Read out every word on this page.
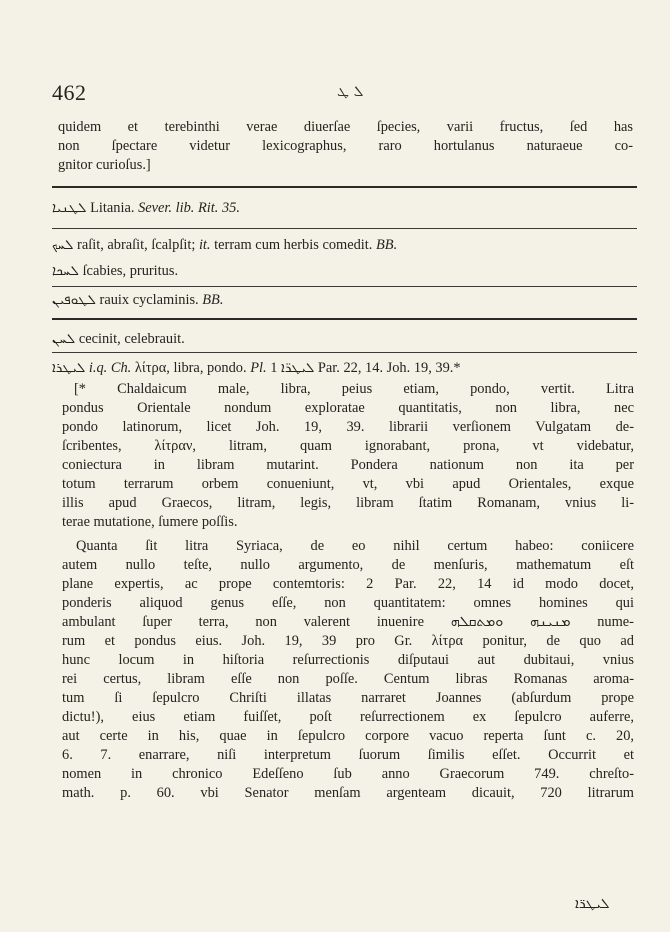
462	ܠ ܛ
quidem et terebinthi verae diuerſae ſpecies, varii fructus, ſed has
non ſpectare videtur lexicographus, raro hortulanus naturaeue co-
gnitor curioſus.]
ܠܛܢܝܐ Litania. Sever. lib. Rit. 35.
ܠܚܟ raſit, abraſit, ſcalpſit; it. terram cum herbis comedit. BB.
ܠܚܟܐ ſcabies, pruritus.
ܠܛܘܦܝܢ rauix cyclaminis. BB.
ܠܚܢ cecinit, celebrauit.
ܠܝܛܪܐ i.q. Ch. λίτρα, libra, pondo. Pl. ܠܝܛܪ̈ܐ 1 Par. 22, 14. Joh. 19, 39.*
[* Chaldaicum male, libra, peius etiam, pondo, vertit. Litra
pondus Orientale nondum exploratae quantitatis, non libra, nec
pondo latinorum, licet Joh. 19, 39. librarii verſionem Vulgatam de-
ſcribentes, λίτραν, litram, quam ignorabant, prona, vt videbatur,
coniectura in libram mutarint. Pondera nationum non ita per
totum terrarum orbem conueniunt, vt, vbi apud Orientales, exque
illis apud Graecos, litram, legis, libram ſtatim Romanam, vnius li-
terae mutatione, ſumere poſſis.
Quanta ſit litra Syriaca, de eo nihil certum habeo: coniicere
autem nullo teſte, nullo argumento, de menſuris, mathematum eſt
plane expertis, ac prope contemtoris: 2 Par. 22, 14 id modo docet,
ponderis aliquod genus eſſe, non quantitatem: omnes homines qui
ambulant ſuper terra, non valerent inuenire ܡܢܝܢܗ ܘܡܬܩܠܗ nume-
rum et pondus eius. Joh. 19, 39 pro Gr. λίτρα ponitur, de quo ad
hunc locum in hiſtoria reſurrectionis diſputaui aut dubitaui, vnius
rei certus, libram eſſe non poſſe. Centum libras Romanas aroma-
tum ſi ſepulcro Chriſti illatas narraret Joannes (abſurdum prope
dictu!), eius etiam fuiſſet, poſt reſurrectionem ex ſepulcro auferre,
aut certe in his, quae in ſepulcro corpore vacuo reperta ſunt c. 20,
6. 7. enarrare, niſi interpretum ſuorum ſimilis eſſet. Occurrit et
nomen in chronico Edeſſeno ſub anno Graecorum 749. chreſto-
math. p. 60. vbi Senator menſam argenteam dicauit, 720 litrarum
ܠܝܛܪ̈ܐ
